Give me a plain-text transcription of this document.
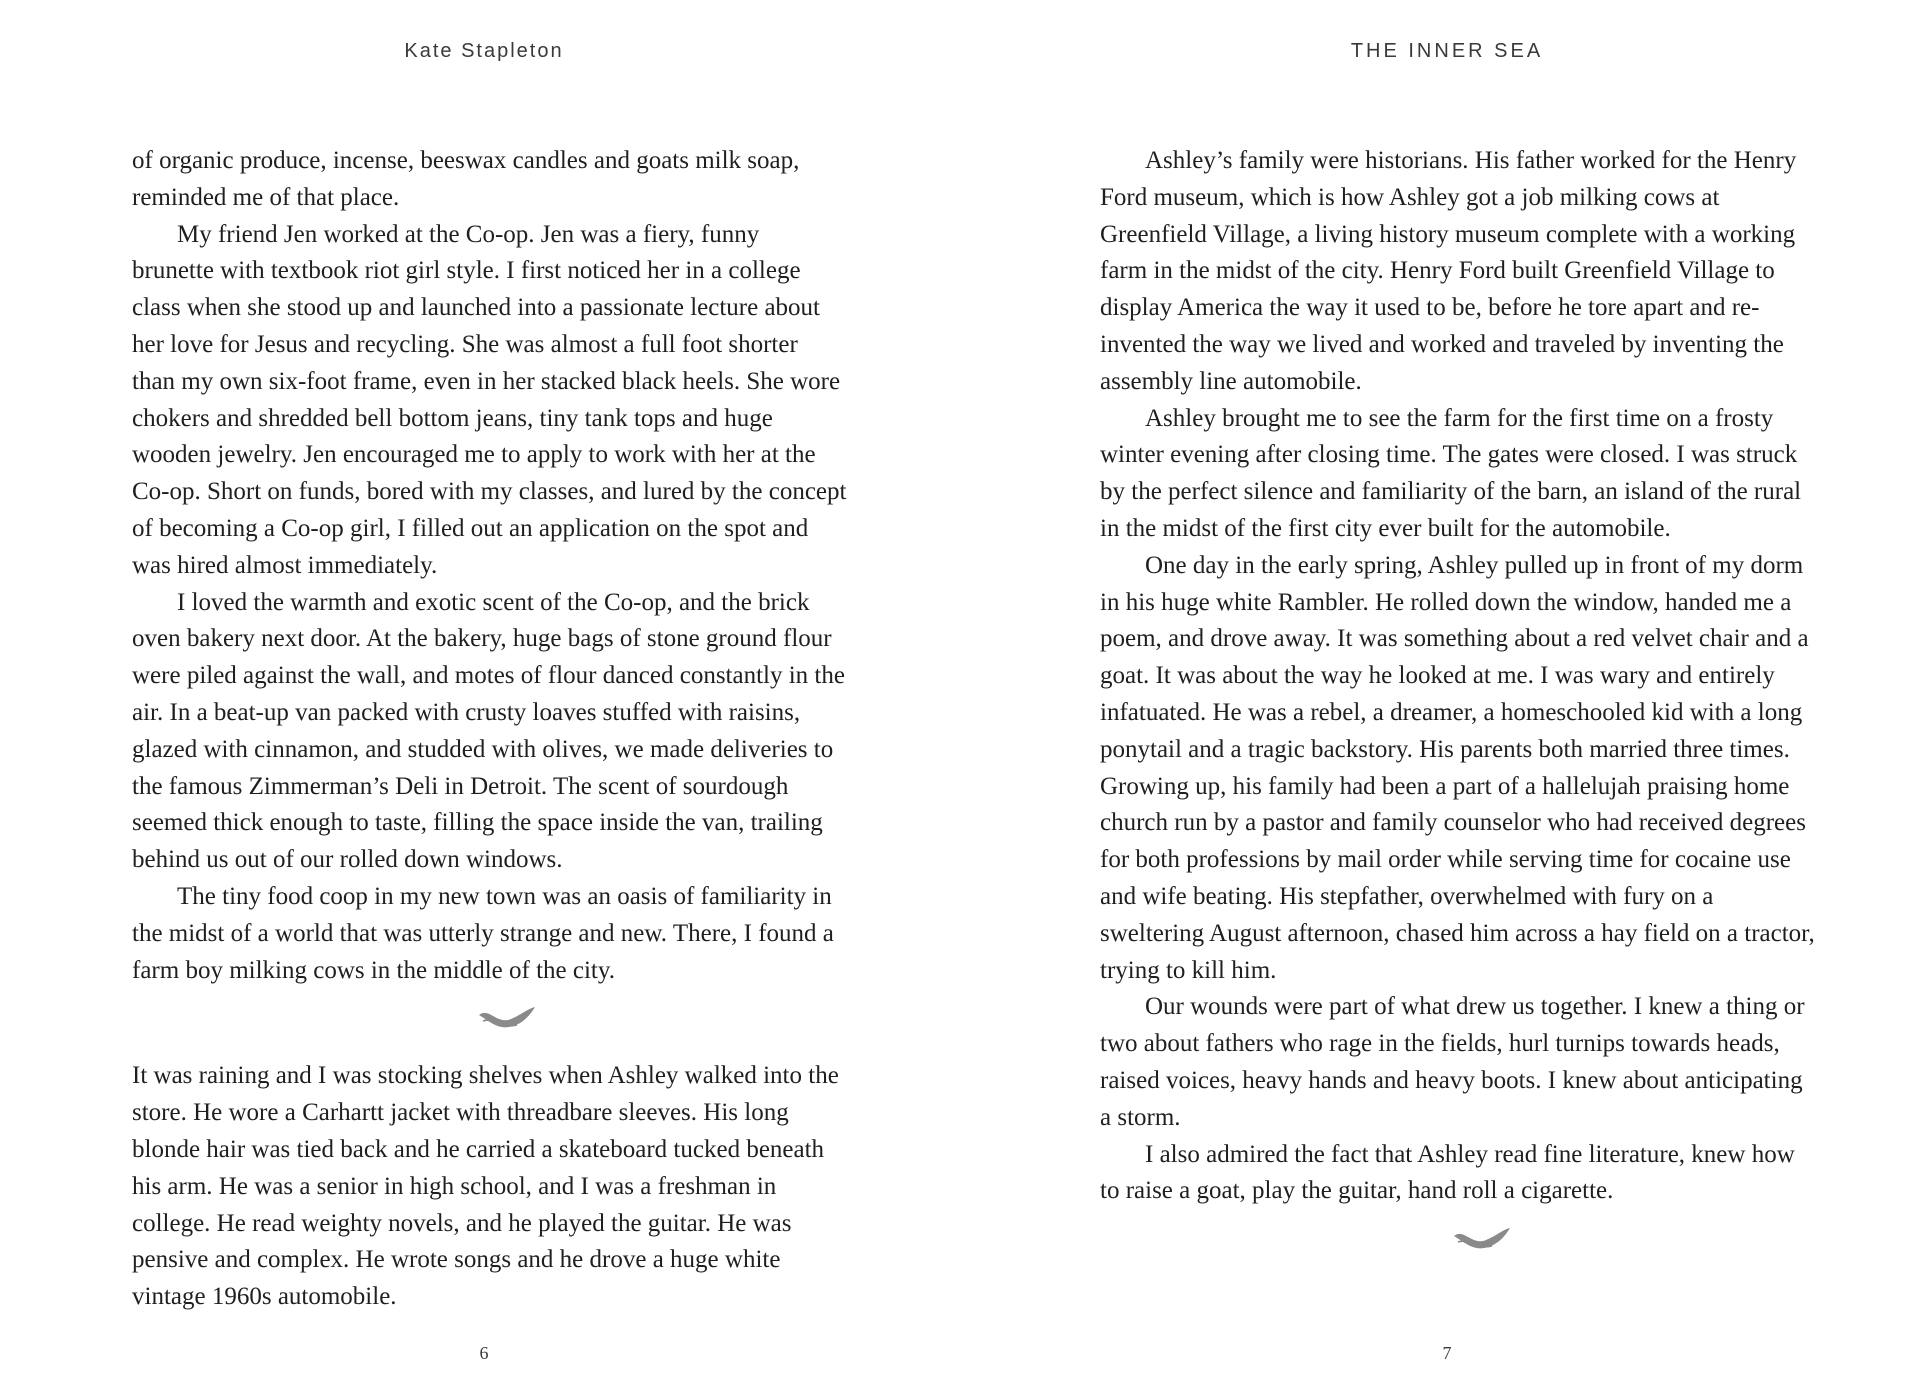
Kate Stapleton

of organic produce, incense, beeswax candles and goats milk soap, reminded me of that place.

My friend Jen worked at the Co-op. Jen was a fiery, funny brunette with textbook riot girl style. I first noticed her in a college class when she stood up and launched into a passionate lecture about her love for Jesus and recycling. She was almost a full foot shorter than my own six-foot frame, even in her stacked black heels. She wore chokers and shredded bell bottom jeans, tiny tank tops and huge wooden jewelry. Jen encouraged me to apply to work with her at the Co-op. Short on funds, bored with my classes, and lured by the concept of becoming a Co-op girl, I filled out an application on the spot and was hired almost immediately.

I loved the warmth and exotic scent of the Co-op, and the brick oven bakery next door. At the bakery, huge bags of stone ground flour were piled against the wall, and motes of flour danced constantly in the air. In a beat-up van packed with crusty loaves stuffed with raisins, glazed with cinnamon, and studded with olives, we made deliveries to the famous Zimmerman’s Deli in Detroit. The scent of sourdough seemed thick enough to taste, filling the space inside the van, trailing behind us out of our rolled down windows.

The tiny food coop in my new town was an oasis of familiarity in the midst of a world that was utterly strange and new. There, I found a farm boy milking cows in the middle of the city.

It was raining and I was stocking shelves when Ashley walked into the store. He wore a Carhartt jacket with threadbare sleeves. His long blonde hair was tied back and he carried a skateboard tucked beneath his arm. He was a senior in high school, and I was a freshman in college. He read weighty novels, and he played the guitar. He was pensive and complex. He wrote songs and he drove a huge white vintage 1960s automobile.

6
THE INNER SEA

Ashley’s family were historians. His father worked for the Henry Ford museum, which is how Ashley got a job milking cows at Greenfield Village, a living history museum complete with a working farm in the midst of the city. Henry Ford built Greenfield Village to display America the way it used to be, before he tore apart and re-invented the way we lived and worked and traveled by inventing the assembly line automobile.

Ashley brought me to see the farm for the first time on a frosty winter evening after closing time. The gates were closed. I was struck by the perfect silence and familiarity of the barn, an island of the rural in the midst of the first city ever built for the automobile.

One day in the early spring, Ashley pulled up in front of my dorm in his huge white Rambler. He rolled down the window, handed me a poem, and drove away. It was something about a red velvet chair and a goat. It was about the way he looked at me. I was wary and entirely infatuated. He was a rebel, a dreamer, a homeschooled kid with a long ponytail and a tragic backstory. His parents both married three times. Growing up, his family had been a part of a hallelujah praising home church run by a pastor and family counselor who had received degrees for both professions by mail order while serving time for cocaine use and wife beating. His stepfather, overwhelmed with fury on a sweltering August afternoon, chased him across a hay field on a tractor, trying to kill him.

Our wounds were part of what drew us together. I knew a thing or two about fathers who rage in the fields, hurl turnips towards heads, raised voices, heavy hands and heavy boots. I knew about anticipating a storm.

I also admired the fact that Ashley read fine literature, knew how to raise a goat, play the guitar, hand roll a cigarette.

7
